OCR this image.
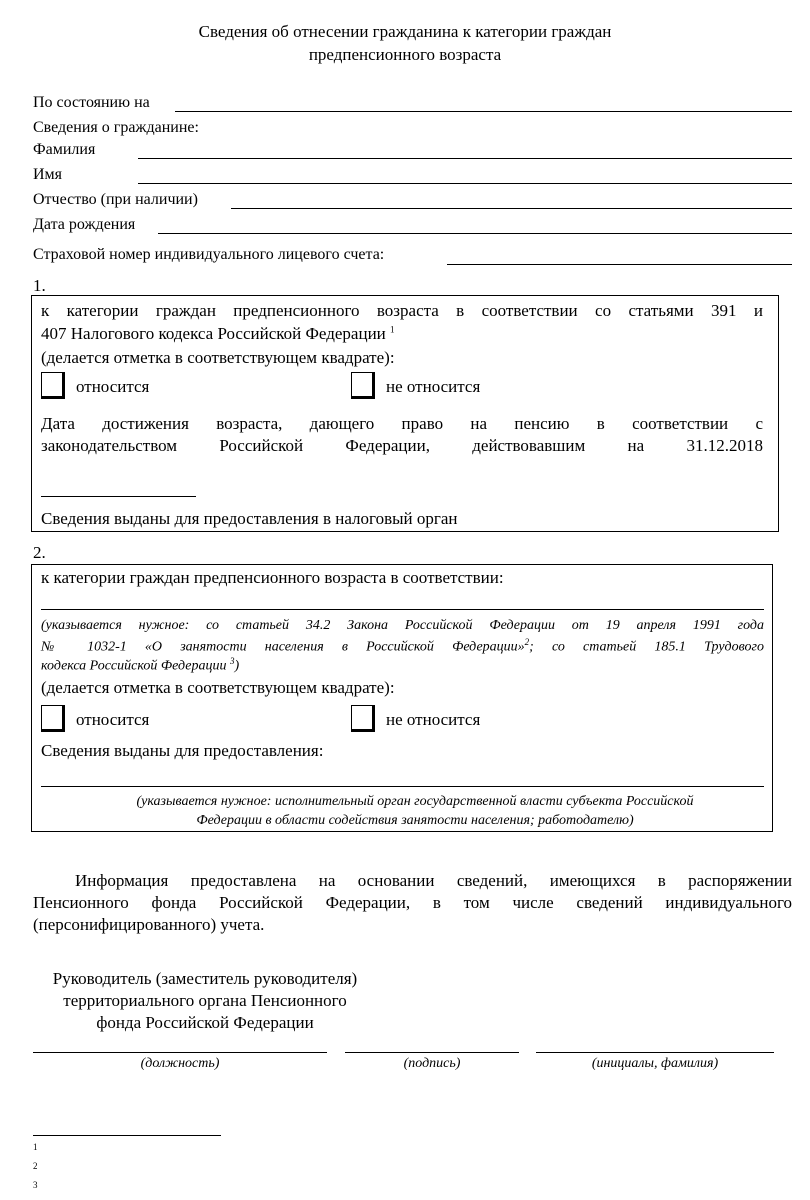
Сведения об отнесении гражданина к категории граждан
предпенсионного возраста
По состоянию на
Сведения о гражданине:
Фамилия
Имя
Отчество (при наличии)
Дата рождения
Страховой номер индивидуального лицевого счета:
1.
к категории граждан предпенсионного возраста в соответствии со статьями 391 и
407 Налогового кодекса Российской Федерации $^1$
(делается отметка в соответствующем квадрате):
относится	не относится
Дата достижения возраста, дающего право на пенсию в соответствии с
законодательством Российской Федерации, действовавшим на 31.12.2018
Сведения выданы для предоставления в налоговый орган
2.
к категории граждан предпенсионного возраста в соответствии:
(указывается нужное: со статьей 34.2 Закона Российской Федерации от 19 апреля 1991 года
№ 1032-1 «О занятости населения в Российской Федерации»$^2$; со статьей 185.1 Трудового
кодекса Российской Федерации $^3$)
(делается отметка в соответствующем квадрате):
относится	не относится
Сведения выданы для предоставления:
(указывается нужное: исполнительный орган государственной власти субъекта Российской
Федерации в области содействия занятости населения; работодателю)
Информация предоставлена на основании сведений, имеющихся в распоряжении
Пенсионного фонда Российской Федерации, в том числе сведений индивидуального
(персонифицированного) учета.
Руководитель (заместитель руководителя)
территориального органа Пенсионного
фонда Российской Федерации
(должность)	(подпись)	(инициалы, фамилия)
1
2
3
